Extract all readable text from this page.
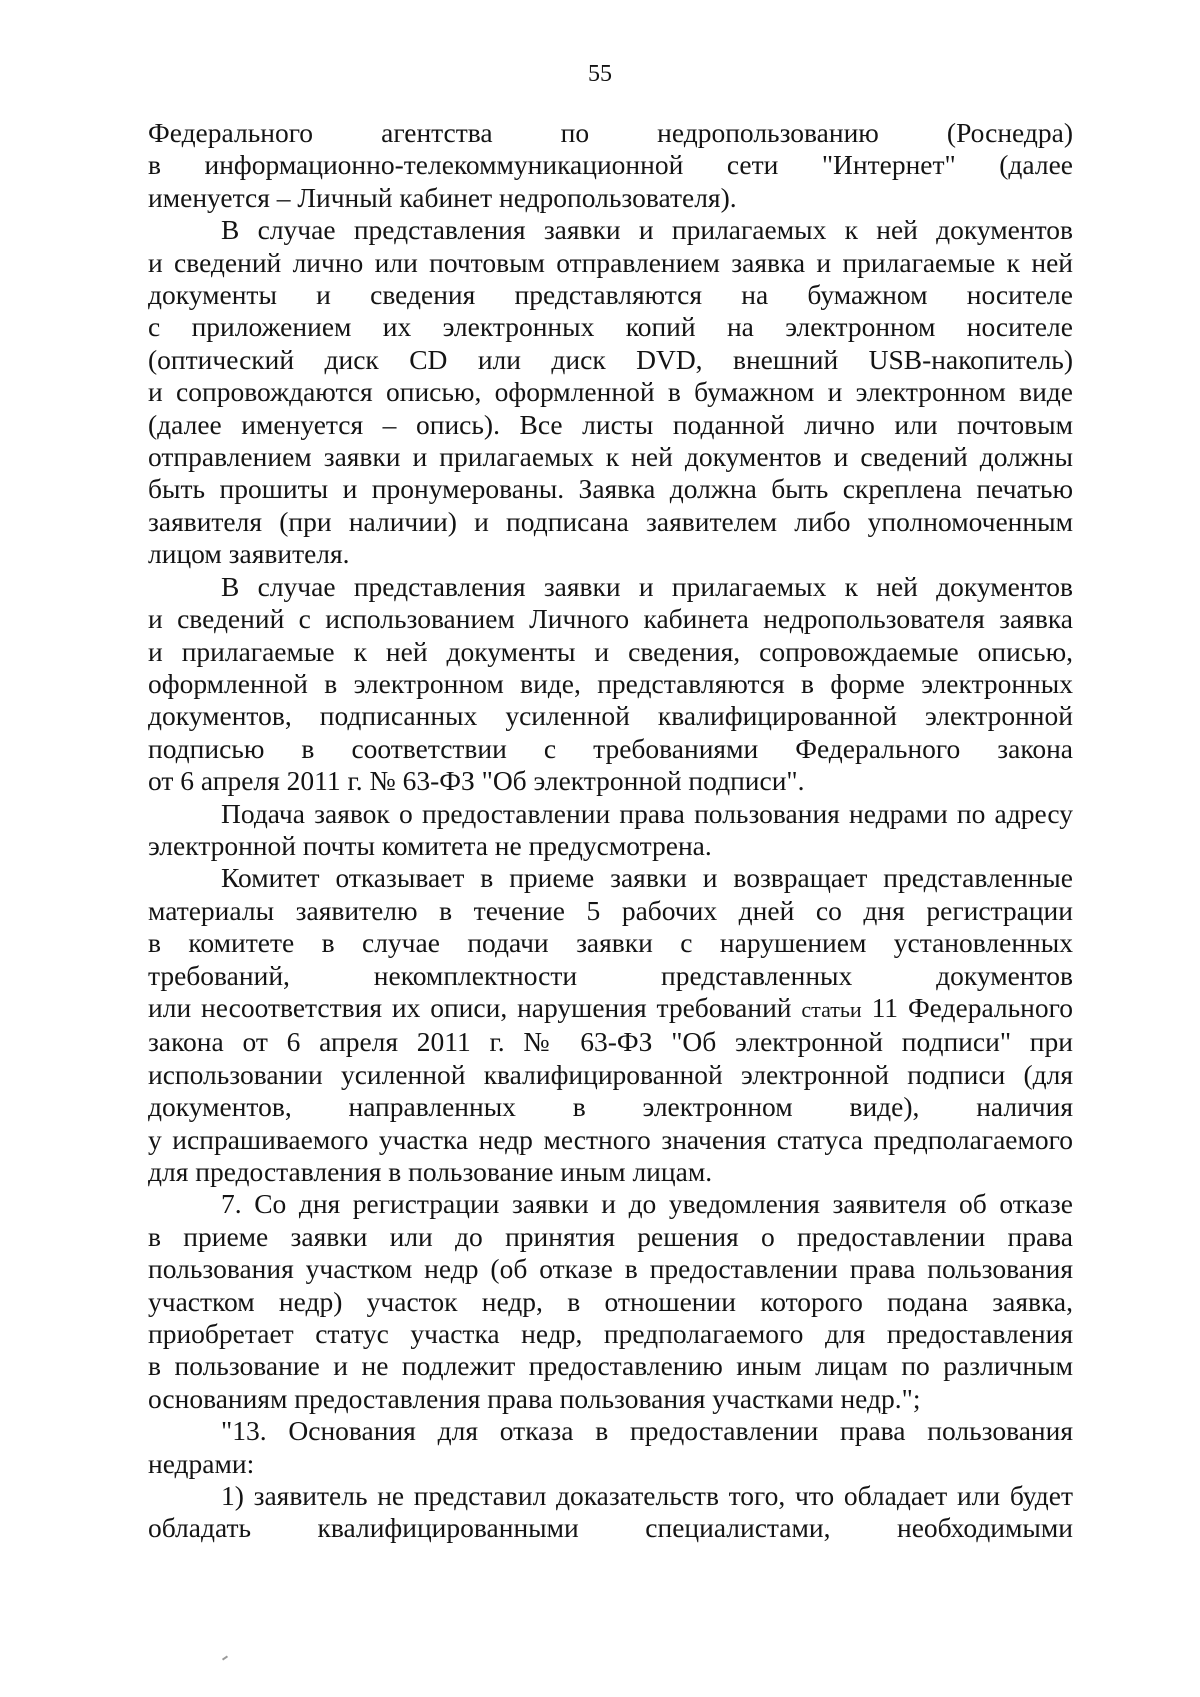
55

Федерального агентства по недропользованию (Роснедра)
в информационно-телекоммуникационной сети "Интернет" (далее
именуется – Личный кабинет недропользователя).

В случае представления заявки и прилагаемых к ней документов
и сведений лично или почтовым отправлением заявка и прилагаемые к ней
документы и сведения представляются на бумажном носителе
с приложением их электронных копий на электронном носителе
(оптический диск CD или диск DVD, внешний USB-накопитель)
и сопровождаются описью, оформленной в бумажном и электронном виде
(далее именуется – опись). Все листы поданной лично или почтовым
отправлением заявки и прилагаемых к ней документов и сведений должны
быть прошиты и пронумерованы. Заявка должна быть скреплена печатью
заявителя (при наличии) и подписана заявителем либо уполномоченным
лицом заявителя.

В случае представления заявки и прилагаемых к ней документов
и сведений с использованием Личного кабинета недропользователя заявка
и прилагаемые к ней документы и сведения, сопровождаемые описью,
оформленной в электронном виде, представляются в форме электронных
документов, подписанных усиленной квалифицированной электронной
подписью в соответствии с требованиями Федерального закона
от 6 апреля 2011 г. № 63-ФЗ "Об электронной подписи".

Подача заявок о предоставлении права пользования недрами по адресу
электронной почты комитета не предусмотрена.

Комитет отказывает в приеме заявки и возвращает представленные
материалы заявителю в течение 5 рабочих дней со дня регистрации
в комитете в случае подачи заявки с нарушением установленных
требований, некомплектности представленных документов
или несоответствия их описи, нарушения требований статьи 11 Федерального
закона от 6 апреля 2011 г. № 63-ФЗ "Об электронной подписи" при
использовании усиленной квалифицированной электронной подписи (для
документов, направленных в электронном виде), наличия
у испрашиваемого участка недр местного значения статуса предполагаемого
для предоставления в пользование иным лицам.

7. Со дня регистрации заявки и до уведомления заявителя об отказе
в приеме заявки или до принятия решения о предоставлении права
пользования участком недр (об отказе в предоставлении права пользования
участком недр) участок недр, в отношении которого подана заявка,
приобретает статус участка недр, предполагаемого для предоставления
в пользование и не подлежит предоставлению иным лицам по различным
основаниям предоставления права пользования участками недр.";

"13. Основания для отказа в предоставлении права пользования
недрами:

1) заявитель не представил доказательств того, что обладает или будет
обладать квалифицированными специалистами, необходимыми
